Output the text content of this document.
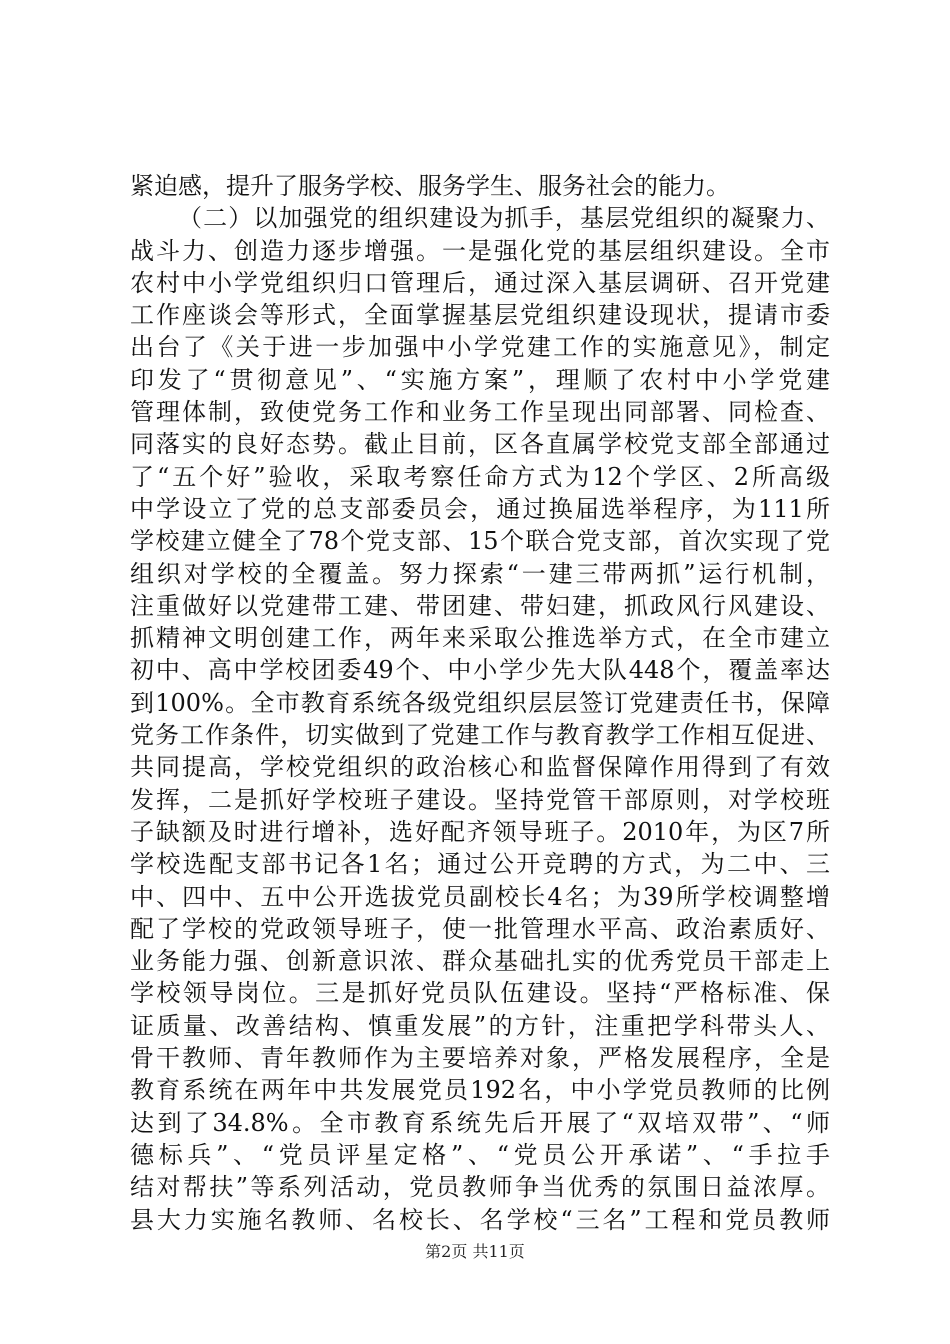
紧迫感，提升了服务学校、服务学生、服务社会的能力。
（二）以加强党的组织建设为抓手，基层党组织的凝聚力、
战斗力、创造力逐步增强。一是强化党的基层组织建设。全市
农村中小学党组织归口管理后，通过深入基层调研、召开党建
工作座谈会等形式，全面掌握基层党组织建设现状，提请市委
出台了《关于进一步加强中小学党建工作的实施意见》，制定
印发了“贯彻意见”、“实施方案”，理顺了农村中小学党建
管理体制，致使党务工作和业务工作呈现出同部署、同检查、
同落实的良好态势。截止目前，区各直属学校党支部全部通过
了“五个好”验收，采取考察任命方式为12个学区、2所高级
中学设立了党的总支部委员会，通过换届选举程序，为111所
学校建立健全了78个党支部、15个联合党支部，首次实现了党
组织对学校的全覆盖。努力探索“一建三带两抓”运行机制，
注重做好以党建带工建、带团建、带妇建，抓政风行风建设、
抓精神文明创建工作，两年来采取公推选举方式，在全市建立
初中、高中学校团委49个、中小学少先大队448个，覆盖率达
到100%。全市教育系统各级党组织层层签订党建责任书，保障
党务工作条件，切实做到了党建工作与教育教学工作相互促进、
共同提高，学校党组织的政治核心和监督保障作用得到了有效
发挥，二是抓好学校班子建设。坚持党管干部原则，对学校班
子缺额及时进行增补，选好配齐领导班子。2010年，为区7所
学校选配支部书记各1名；通过公开竞聘的方式，为二中、三
中、四中、五中公开选拔党员副校长4名；为39所学校调整增
配了学校的党政领导班子，使一批管理水平高、政治素质好、
业务能力强、创新意识浓、群众基础扎实的优秀党员干部走上
学校领导岗位。三是抓好党员队伍建设。坚持“严格标准、保
证质量、改善结构、慎重发展”的方针，注重把学科带头人、
骨干教师、青年教师作为主要培养对象，严格发展程序，全是
教育系统在两年中共发展党员192名，中小学党员教师的比例
达到了34.8%。全市教育系统先后开展了“双培双带”、“师
德标兵”、“党员评星定格”、“党员公开承诺”、“手拉手
结对帮扶”等系列活动，党员教师争当优秀的氛围日益浓厚。
县大力实施名教师、名校长、名学校“三名”工程和党员教师
第2页 共11页
